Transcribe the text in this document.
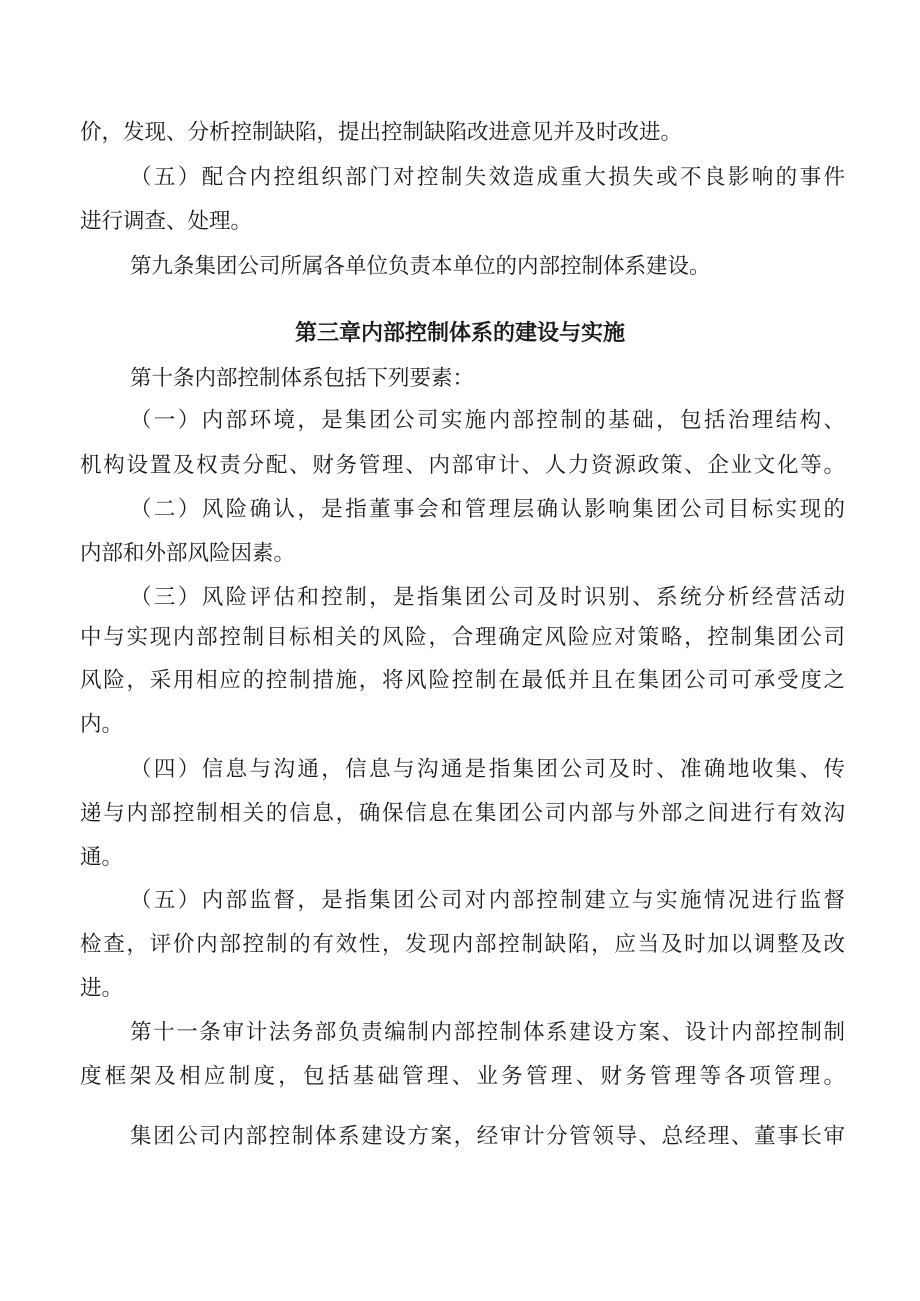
价，发现、分析控制缺陷，提出控制缺陷改进意见并及时改进。
（五）配合内控组织部门对控制失效造成重大损失或不良影响的事件
进行调查、处理。
第九条集团公司所属各单位负责本单位的内部控制体系建设。
第三章内部控制体系的建设与实施
第十条内部控制体系包括下列要素：
（一）内部环境，是集团公司实施内部控制的基础，包括治理结构、
机构设置及权责分配、财务管理、内部审计、人力资源政策、企业文化等。
（二）风险确认，是指董事会和管理层确认影响集团公司目标实现的
内部和外部风险因素。
（三）风险评估和控制，是指集团公司及时识别、系统分析经营活动
中与实现内部控制目标相关的风险，合理确定风险应对策略，控制集团公司
风险，采用相应的控制措施，将风险控制在最低并且在集团公司可承受度之
内。
（四）信息与沟通，信息与沟通是指集团公司及时、准确地收集、传
递与内部控制相关的信息，确保信息在集团公司内部与外部之间进行有效沟
通。
（五）内部监督，是指集团公司对内部控制建立与实施情况进行监督
检查，评价内部控制的有效性，发现内部控制缺陷，应当及时加以调整及改
进。
第十一条审计法务部负责编制内部控制体系建设方案、设计内部控制制
度框架及相应制度，包括基础管理、业务管理、财务管理等各项管理。
集团公司内部控制体系建设方案，经审计分管领导、总经理、董事长审
